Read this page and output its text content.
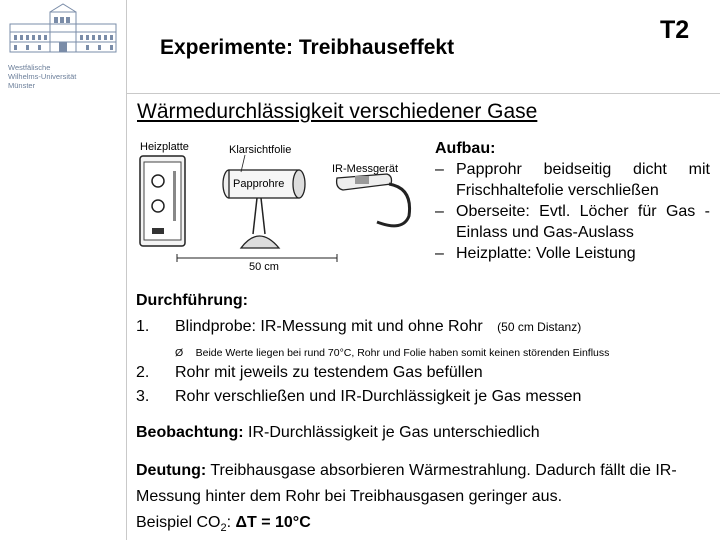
Westfälische
Wilhelms-Universität
Münster
Experimente: Treibhauseffekt
T2
Wärmedurchlässigkeit verschiedener Gase
Heizplatte	Klarsichtfolie
Papprohre
IR-Messgerät
50 cm
Aufbau:
– Papprohr beidseitig dicht mit Frischhaltefolie verschließen
– Oberseite: Evtl. Löcher für Gas -Einlass und Gas-Auslass
– Heizplatte: Volle Leistung
Durchführung:
1. Blindprobe: IR-Messung mit und ohne Rohr (50 cm Distanz)
Ø Beide Werte liegen bei rund 70°C, Rohr und Folie haben somit keinen störenden Einfluss
2. Rohr mit jeweils zu testendem Gas befüllen
3. Rohr verschließen und IR-Durchlässigkeit je Gas messen
Beobachtung: IR-Durchlässigkeit je Gas unterschiedlich
Deutung: Treibhausgase absorbieren Wärmestrahlung. Dadurch fällt die IR-Messung hinter dem Rohr bei Treibhausgasen geringer aus.
Beispiel $CO_2$: ΔT = 10°C
